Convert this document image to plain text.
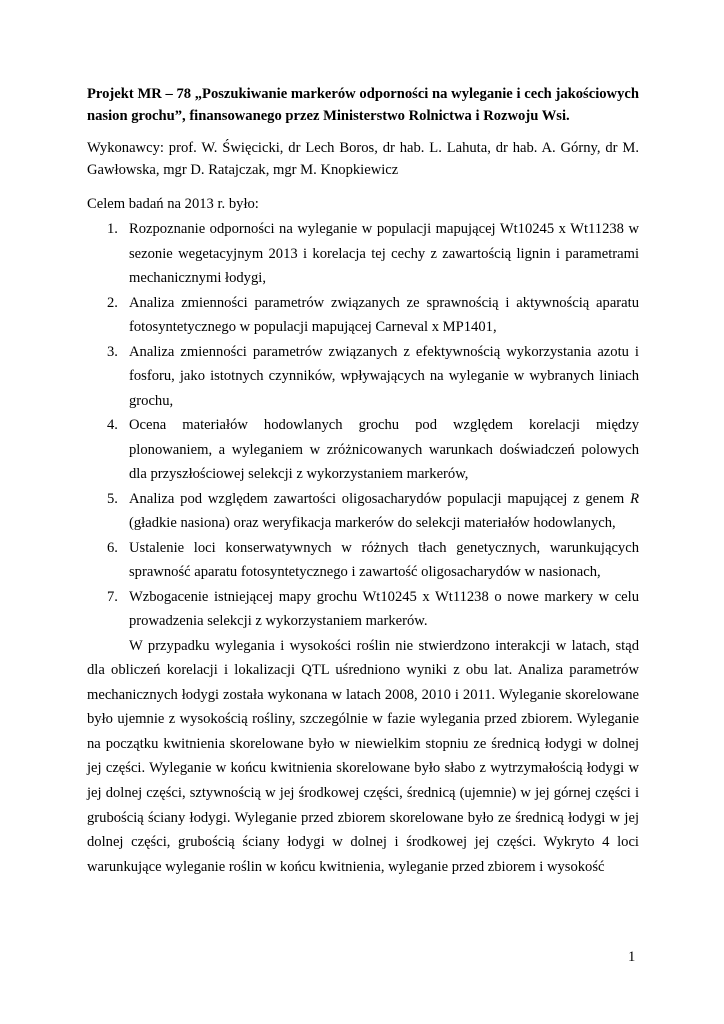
Projekt MR – 78 „Poszukiwanie markerów odporności na wyleganie i cech jakościowych nasion grochu”, finansowanego przez Ministerstwo Rolnictwa i Rozwoju Wsi.

Wykonawcy: prof. W. Święcicki, dr Lech Boros, dr hab. L. Lahuta, dr hab. A. Górny, dr M. Gawłowska, mgr D. Ratajczak, mgr M. Knopkiewicz

Celem badań na 2013 r. było:

1. Rozpoznanie odporności na wyleganie w populacji mapującej Wt10245 x Wt11238 w sezonie wegetacyjnym 2013 i korelacja tej cechy z zawartością lignin i parametrami mechanicznymi łodygi,
2. Analiza zmienności parametrów związanych ze sprawnością i aktywnością aparatu fotosyntetycznego w populacji mapującej Carneval x MP1401,
3. Analiza zmienności parametrów związanych z efektywnością wykorzystania azotu i fosforu, jako istotnych czynników, wpływających na wyleganie w wybranych liniach grochu,
4. Ocena materiałów hodowlanych grochu pod względem korelacji między plonowaniem, a wyleganiem w zróżnicowanych warunkach doświadczeń polowych dla przyszłościowej selekcji z wykorzystaniem markerów,
5. Analiza pod względem zawartości oligosacharydów populacji mapującej z genem R (gładkie nasiona) oraz weryfikacja markerów do selekcji materiałów hodowlanych,
6. Ustalenie loci konserwatywnych w różnych tłach genetycznych, warunkujących sprawność aparatu fotosyntetycznego i zawartość oligosacharydów w nasionach,
7. Wzbogacenie istniejącej mapy grochu Wt10245 x Wt11238 o nowe markery w celu prowadzenia selekcji z wykorzystaniem markerów.

W przypadku wylegania i wysokości roślin nie stwierdzono interakcji w latach, stąd dla obliczeń korelacji i lokalizacji QTL uśredniono wyniki z obu lat. Analiza parametrów mechanicznych łodygi została wykonana w latach 2008, 2010 i 2011. Wyleganie skorelowane było ujemnie z wysokością rośliny, szczególnie w fazie wylegania przed zbiorem. Wyleganie na początku kwitnienia skorelowane było w niewielkim stopniu ze średnicą łodygi w dolnej jej części. Wyleganie w końcu kwitnienia skorelowane było słabo z wytrzymałością łodygi w jej dolnej części, sztywnością w jej środkowej części, średnicą (ujemnie) w jej górnej części i grubością ściany łodygi. Wyleganie przed zbiorem skorelowane było ze średnicą łodygi w jej dolnej części, grubością ściany łodygi w dolnej i środkowej jej części. Wykryto 4 loci warunkujące wyleganie roślin w końcu kwitnienia, wyleganie przed zbiorem i wysokość

1
